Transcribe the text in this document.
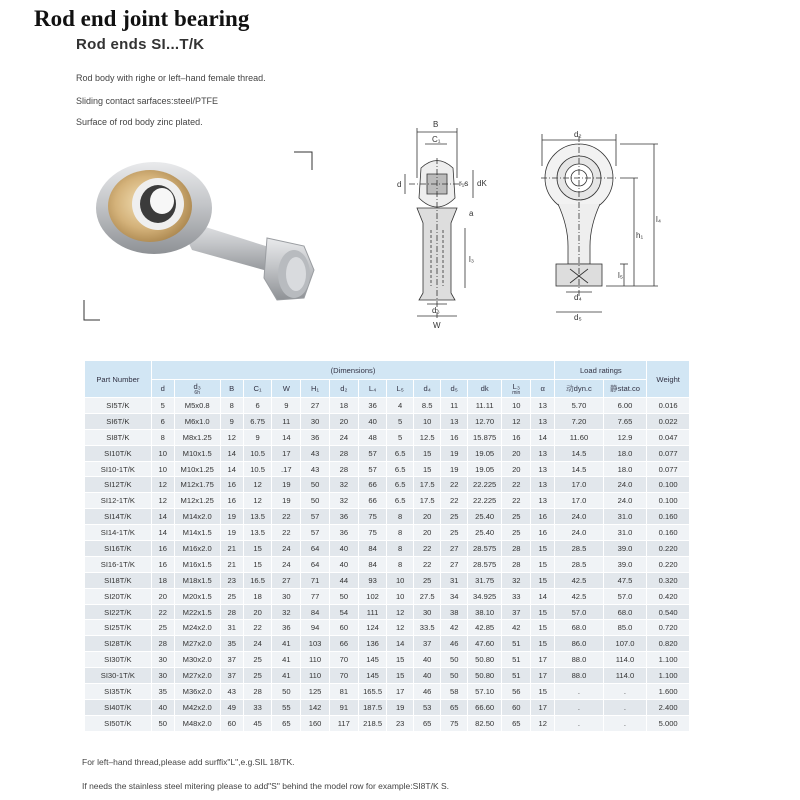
Rod end joint bearing
Rod ends SI...T/K
Rod body with righe or left–hand female thread.
Sliding contact sarfaces:steel/PTFE
Surface of rod body zinc plated.	B
C₁
r₁s dK
d
a
l₃
d₃
W
d₂
l₄
h₁
l₅
d₄
d₅
Part Number	(Dimensions)														Load ratings		Weight
	d	d₃
6h	B	C₁	W	H₁	d₂	L₄	L₅	d₄	d₅	dk	L₃
min	α	动dyn.c	静stat.co	
SI5T/K	5	M5x0.8	8	6	9	27	18	36	4	8.5	11	11.11	10	13	5.70	6.00	0.016
SI6T/K	6	M6x1.0	9	6.75	11	30	20	40	5	10	13	12.70	12	13	7.20	7.65	0.022
SI8T/K	8	M8x1.25	12	9	14	36	24	48	5	12.5	16	15.875	16	14	11.60	12.9	0.047
SI10T/K	10	M10x1.5	14	10.5	17	43	28	57	6.5	15	19	19.05	20	13	14.5	18.0	0.077
SI10-1T/K	10	M10x1.25	14	10.5	.17	43	28	57	6.5	15	19	19.05	20	13	14.5	18.0	0.077
SI12T/K	12	M12x1.75	16	12	19	50	32	66	6.5	17.5	22	22.225	22	13	17.0	24.0	0.100
SI12-1T/K	12	M12x1.25	16	12	19	50	32	66	6.5	17.5	22	22.225	22	13	17.0	24.0	0.100
SI14T/K	14	M14x2.0	19	13.5	22	57	36	75	8	20	25	25.40	25	16	24.0	31.0	0.160
SI14-1T/K	14	M14x1.5	19	13.5	22	57	36	75	8	20	25	25.40	25	16	24.0	31.0	0.160
SI16T/K	16	M16x2.0	21	15	24	64	40	84	8	22	27	28.575	28	15	28.5	39.0	0.220
SI16-1T/K	16	M16x1.5	21	15	24	64	40	84	8	22	27	28.575	28	15	28.5	39.0	0.220
SI18T/K	18	M18x1.5	23	16.5	27	71	44	93	10	25	31	31.75	32	15	42.5	47.5	0.320
SI20T/K	20	M20x1.5	25	18	30	77	50	102	10	27.5	34	34.925	33	14	42.5	57.0	0.420
SI22T/K	22	M22x1.5	28	20	32	84	54	111	12	30	38	38.10	37	15	57.0	68.0	0.540
SI25T/K	25	M24x2.0	31	22	36	94	60	124	12	33.5	42	42.85	42	15	68.0	85.0	0.720
SI28T/K	28	M27x2.0	35	24	41	103	66	136	14	37	46	47.60	51	15	86.0	107.0	0.820
SI30T/K	30	M30x2.0	37	25	41	110	70	145	15	40	50	50.80	51	17	88.0	114.0	1.100
SI30-1T/K	30	M27x2.0	37	25	41	110	70	145	15	40	50	50.80	51	17	88.0	114.0	1.100
SI35T/K	35	M36x2.0	43	28	50	125	81	165.5	17	46	58	57.10	56	15	.	.	1.600
SI40T/K	40	M42x2.0	49	33	55	142	91	187.5	19	53	65	66.60	60	17	.	.	2.400
SI50T/K	50	M48x2.0	60	45	65	160	117	218.5	23	65	75	82.50	65	12	.	.	5.000
For left–hand thread,please add surffix"L",e.g.SIL 18/TK.
If needs the stainless steel mitering please to add"S" behind the model row for example:SI8T/K S.
